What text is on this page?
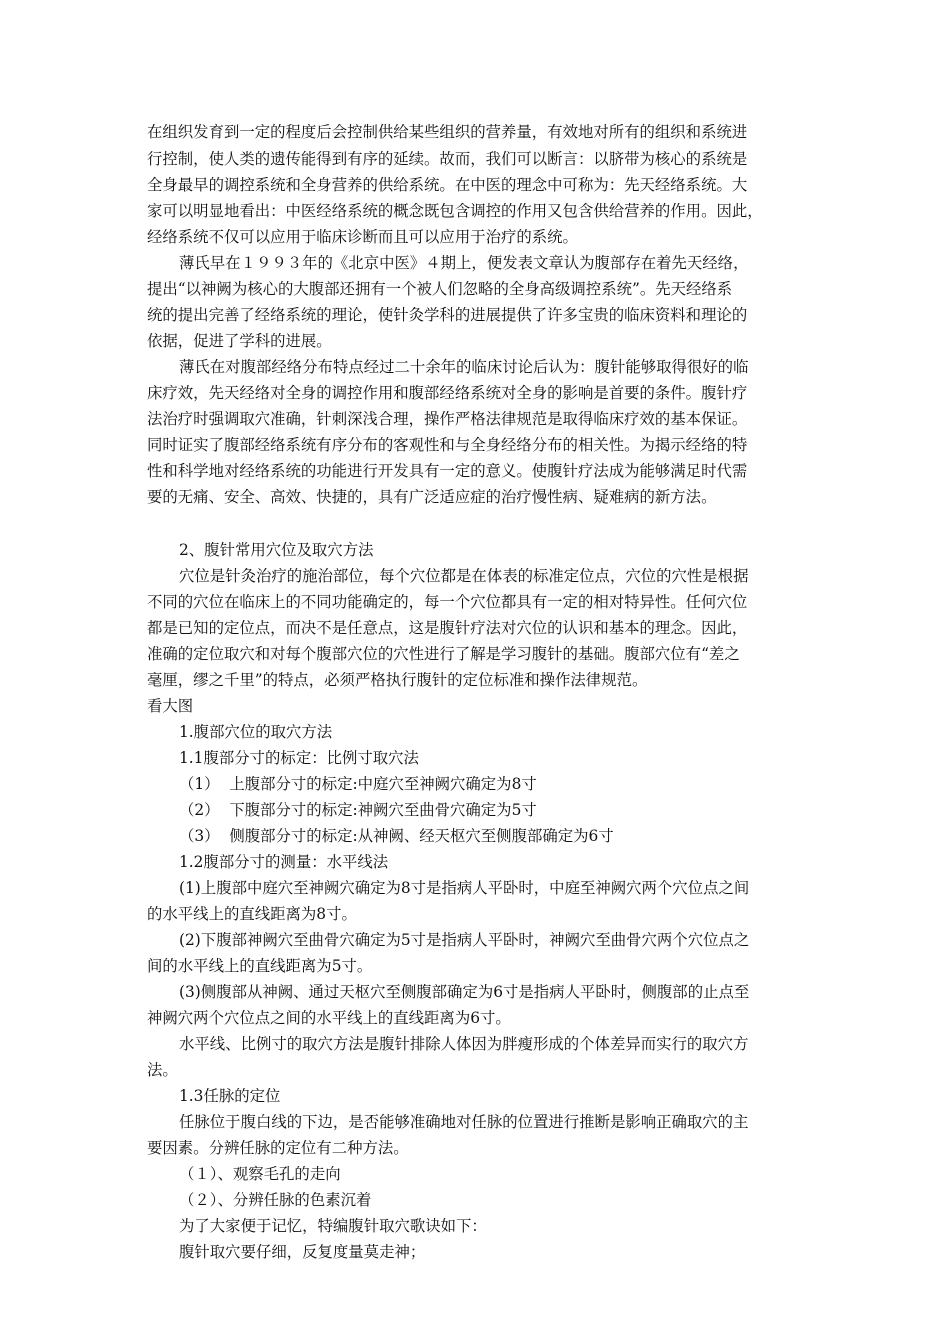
在组织发育到一定的程度后会控制供给某些组织的营养量，有效地对所有的组织和系统进
行控制，使人类的遗传能得到有序的延续。故而，我们可以断言：以脐带为核心的系统是
全身最早的调控系统和全身营养的供给系统。在中医的理念中可称为：先天经络系统。大
家可以明显地看出：中医经络系统的概念既包含调控的作用又包含供给营养的作用。因此，
经络系统不仅可以应用于临床诊断而且可以应用于治疗的系统。
薄氏早在１９９３年的《北京中医》４期上，便发表文章认为腹部存在着先天经络，
提出“以神阙为核心的大腹部还拥有一个被人们忽略的全身高级调控系统”。先天经络系
统的提出完善了经络系统的理论，使针灸学科的进展提供了许多宝贵的临床资料和理论的
依据，促进了学科的进展。
薄氏在对腹部经络分布特点经过二十余年的临床讨论后认为：腹针能够取得很好的临
床疗效，先天经络对全身的调控作用和腹部经络系统对全身的影响是首要的条件。腹针疗
法治疗时强调取穴准确，针刺深浅合理，操作严格法律规范是取得临床疗效的基本保证。
同时证实了腹部经络系统有序分布的客观性和与全身经络分布的相关性。为揭示经络的特
性和科学地对经络系统的功能进行开发具有一定的意义。使腹针疗法成为能够满足时代需
要的无痛、安全、高效、快捷的，具有广泛适应症的治疗慢性病、疑难病的新方法。
2、腹针常用穴位及取穴方法
穴位是针灸治疗的施治部位，每个穴位都是在体表的标准定位点，穴位的穴性是根据
不同的穴位在临床上的不同功能确定的，每一个穴位都具有一定的相对特异性。任何穴位
都是已知的定位点，而决不是任意点，这是腹针疗法对穴位的认识和基本的理念。因此，
准确的定位取穴和对每个腹部穴位的穴性进行了解是学习腹针的基础。腹部穴位有“差之
毫厘，缪之千里”的特点，必须严格执行腹针的定位标准和操作法律规范。
看大图
1.腹部穴位的取穴方法
1.1腹部分寸的标定：比例寸取穴法
（1）  上腹部分寸的标定:中庭穴至神阙穴确定为8寸
（2）  下腹部分寸的标定:神阙穴至曲骨穴确定为5寸
（3）  侧腹部分寸的标定:从神阙、经天枢穴至侧腹部确定为6寸
1.2腹部分寸的测量：水平线法
(1)上腹部中庭穴至神阙穴确定为8寸是指病人平卧时，中庭至神阙穴两个穴位点之间
的水平线上的直线距离为8寸。
(2)下腹部神阙穴至曲骨穴确定为5寸是指病人平卧时，神阙穴至曲骨穴两个穴位点之
间的水平线上的直线距离为5寸。
(3)侧腹部从神阙、通过天枢穴至侧腹部确定为6寸是指病人平卧时，侧腹部的止点至
神阙穴两个穴位点之间的水平线上的直线距离为6寸。
水平线、比例寸的取穴方法是腹针排除人体因为胖瘦形成的个体差异而实行的取穴方
法。
1.3任脉的定位
任脉位于腹白线的下边，是否能够准确地对任脉的位置进行推断是影响正确取穴的主
要因素。分辨任脉的定位有二种方法。
（１）、观察毛孔的走向
（２）、分辨任脉的色素沉着
为了大家便于记忆，特编腹针取穴歌诀如下：
腹针取穴要仔细，反复度量莫走神；
